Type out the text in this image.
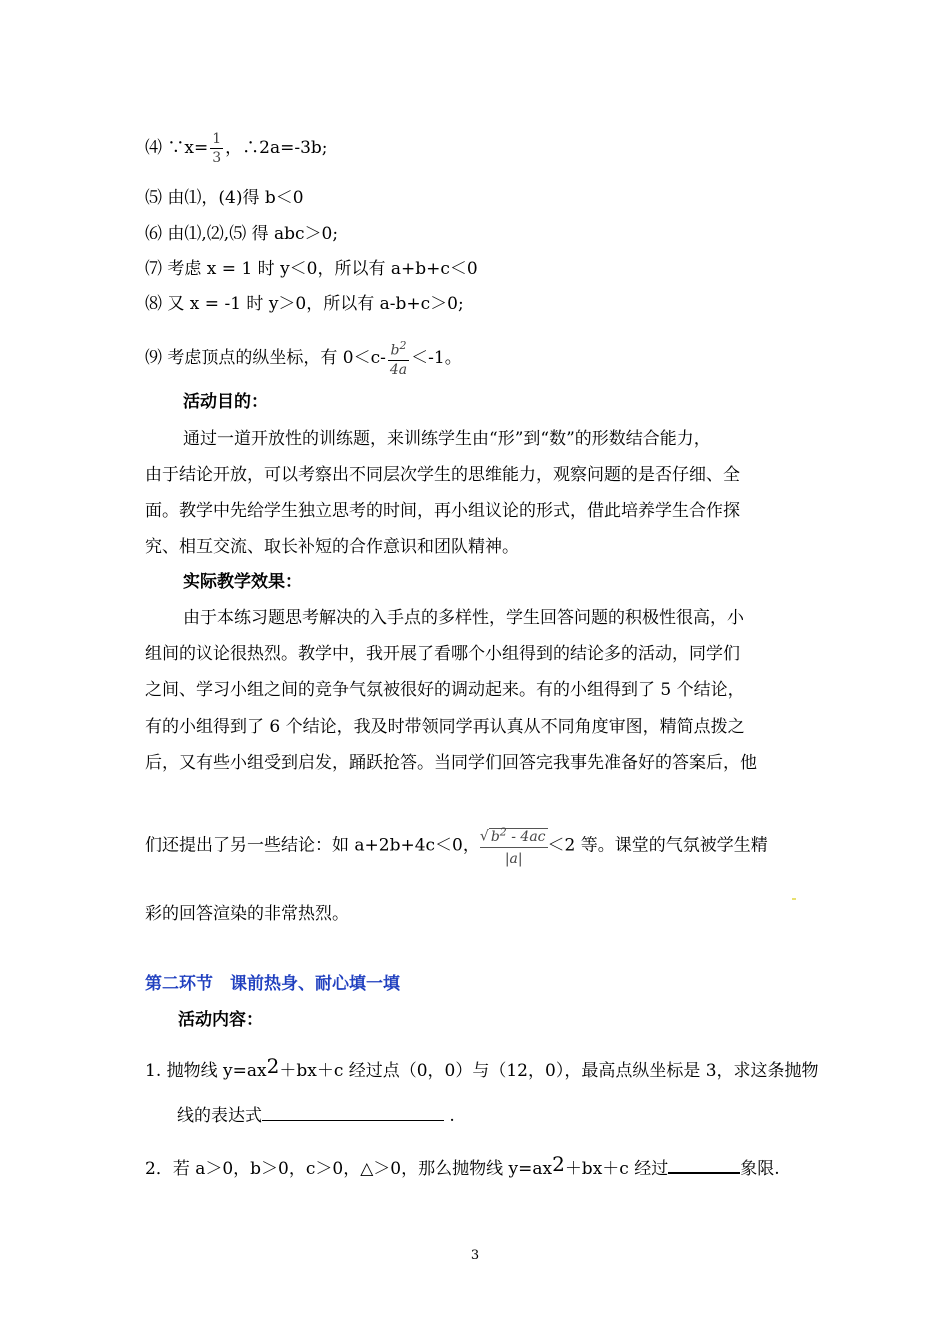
⑷ ∵x= $\frac{1}{3}$ ，∴2a=-3b;
⑸ 由⑴，(4)得 b＜0
⑹ 由⑴,⑵,⑸ 得 abc＞0;
⑺ 考虑 x = 1 时 y＜0，所以有 a+b+c＜0
⑻ 又 x = -1 时 y＞0，所以有 a-b+c＞0;
⑼ 考虑顶点的纵坐标，有 $0<c- \frac{b^2}{4a} <-1$。
活动目的：
通过一道开放性的训练题，来训练学生由“形”到“数”的形数结合能力，
由于结论开放，可以考察出不同层次学生的思维能力，观察问题的是否仔细、全
面。教学中先给学生独立思考的时间，再小组议论的形式，借此培养学生合作探
究、相互交流、取长补短的合作意识和团队精神。
实际教学效果：
由于本练习题思考解决的入手点的多样性，学生回答问题的积极性很高，小
组间的议论很热烈。教学中，我开展了看哪个小组得到的结论多的活动，同学们
之间、学习小组之间的竞争气氛被很好的调动起来。有的小组得到了 5 个结论，
有的小组得到了 6 个结论，我及时带领同学再认真从不同角度审图，精简点拨之
后，又有些小组受到启发，踊跃抢答。当同学们回答完我事先准备好的答案后，他
们还提出了另一些结论：如 a+2b+4c＜0， $\frac{√ b^2 - 4ac}{|a|} <2$ 等。课堂的气氛被学生精
彩的回答渲染的非常热烈。
第二环节　课前热身、耐心填一填
活动内容：
1. 抛物线 y=ax2＋bx＋c 经过点（0，0）与（12，0），最高点纵坐标是 3，求这条抛物
线的表达式	.
2．若 a＞0，b＞0，c＞0，△＞0，那么抛物线 y=ax2＋bx＋c 经过	象限.
3
